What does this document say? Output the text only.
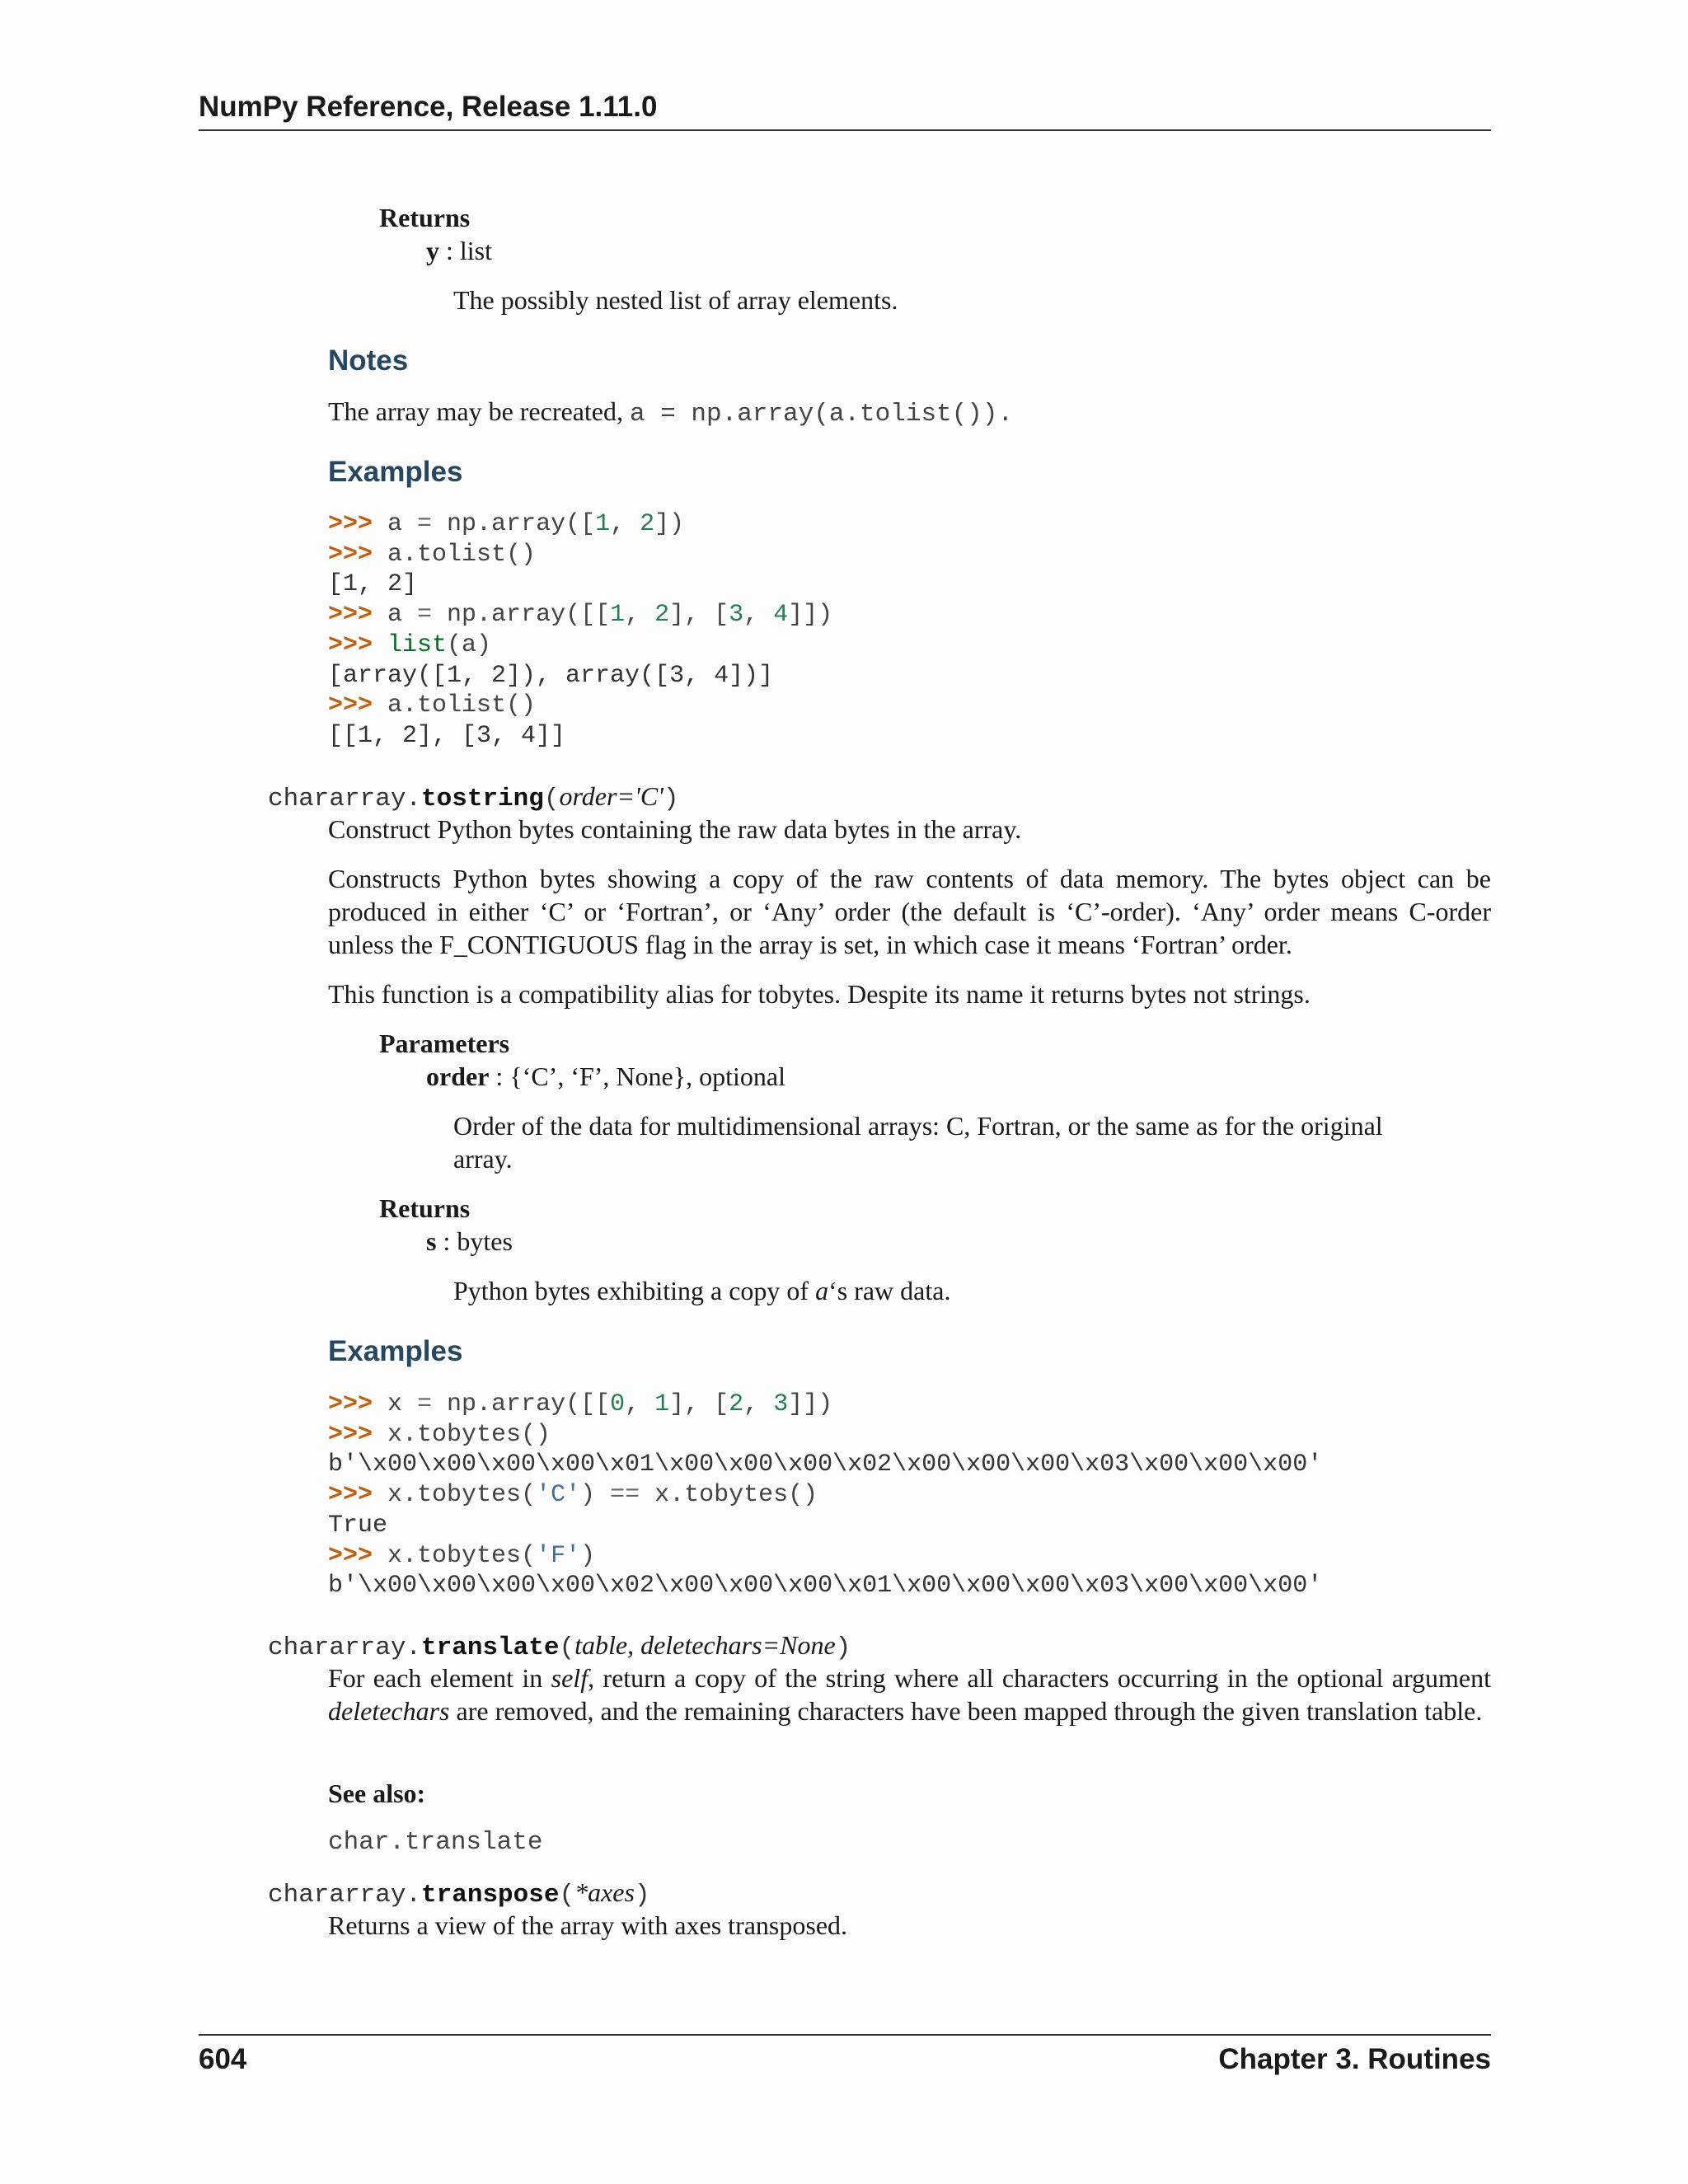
NumPy Reference, Release 1.11.0
Returns
y : list
The possibly nested list of array elements.
Notes
The array may be recreated, a = np.array(a.tolist()).
Examples
>>> a = np.array([1, 2])
>>> a.tolist()
[1, 2]
>>> a = np.array([[1, 2], [3, 4]])
>>> list(a)
[array([1, 2]), array([3, 4])]
>>> a.tolist()
[[1, 2], [3, 4]]
chararray.tostring(order='C')
Construct Python bytes containing the raw data bytes in the array.
Constructs Python bytes showing a copy of the raw contents of data memory. The bytes object can be produced in either ‘C’ or ‘Fortran’, or ‘Any’ order (the default is ‘C’-order). ‘Any’ order means C-order unless the F_CONTIGUOUS flag in the array is set, in which case it means ‘Fortran’ order.
This function is a compatibility alias for tobytes. Despite its name it returns bytes not strings.
Parameters
order : {‘C’, ‘F’, None}, optional
Order of the data for multidimensional arrays: C, Fortran, or the same as for the original array.
Returns
s : bytes
Python bytes exhibiting a copy of a‘s raw data.
Examples
>>> x = np.array([[0, 1], [2, 3]])
>>> x.tobytes()
b'\x00\x00\x00\x00\x01\x00\x00\x00\x02\x00\x00\x00\x03\x00\x00\x00'
>>> x.tobytes('C') == x.tobytes()
True
>>> x.tobytes('F')
b'\x00\x00\x00\x00\x02\x00\x00\x00\x01\x00\x00\x00\x03\x00\x00\x00'
chararray.translate(table, deletechars=None)
For each element in self, return a copy of the string where all characters occurring in the optional argument deletechars are removed, and the remaining characters have been mapped through the given translation table.
See also:
char.translate
chararray.transpose(*axes)
Returns a view of the array with axes transposed.
604	Chapter 3. Routines
